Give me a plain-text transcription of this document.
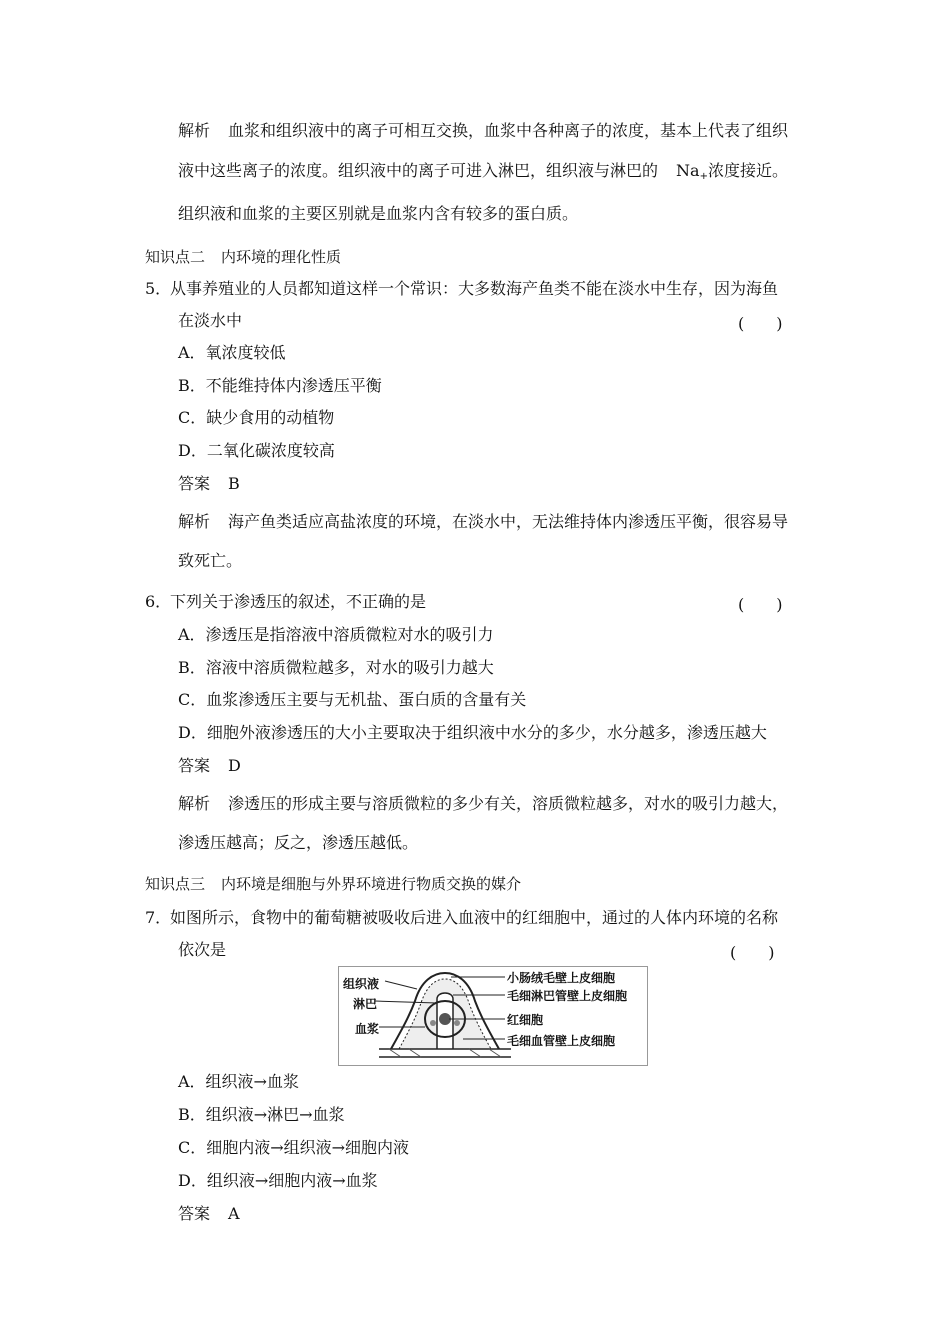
解析 血浆和组织液中的离子可相互交换，血浆中各种离子的浓度，基本上代表了组织
液中这些离子的浓度。组织液中的离子可进入淋巴，组织液与淋巴的 $Na_+$浓度接近。
组织液和血浆的主要区别就是血浆内含有较多的蛋白质。
知识点二 内环境的理化性质
5．从事养殖业的人员都知道这样一个常识：大多数海产鱼类不能在淡水中生存，因为海鱼
在淡水中	(　　)
A．氧浓度较低
B．不能维持体内渗透压平衡
C．缺少食用的动植物
D．二氧化碳浓度较高
答案 B
解析 海产鱼类适应高盐浓度的环境，在淡水中，无法维持体内渗透压平衡，很容易导
致死亡。
6．下列关于渗透压的叙述，不正确的是	(　　)
A．渗透压是指溶液中溶质微粒对水的吸引力
B．溶液中溶质微粒越多，对水的吸引力越大
C．血浆渗透压主要与无机盐、蛋白质的含量有关
D．细胞外液渗透压的大小主要取决于组织液中水分的多少，水分越多，渗透压越大
答案 D
解析 渗透压的形成主要与溶质微粒的多少有关，溶质微粒越多，对水的吸引力越大，
渗透压越高；反之，渗透压越低。
知识点三 内环境是细胞与外界环境进行物质交换的媒介
7．如图所示，食物中的葡萄糖被吸收后进入血液中的红细胞中，通过的人体内环境的名称
依次是	(　　)
组织液
淋巴
血浆
小肠绒毛壁上皮细胞
毛细淋巴管壁上皮细胞
红细胞
毛细血管壁上皮细胞
A．组织液→血浆
B．组织液→淋巴→血浆
C．细胞内液→组织液→细胞内液
D．组织液→细胞内液→血浆
答案 A
